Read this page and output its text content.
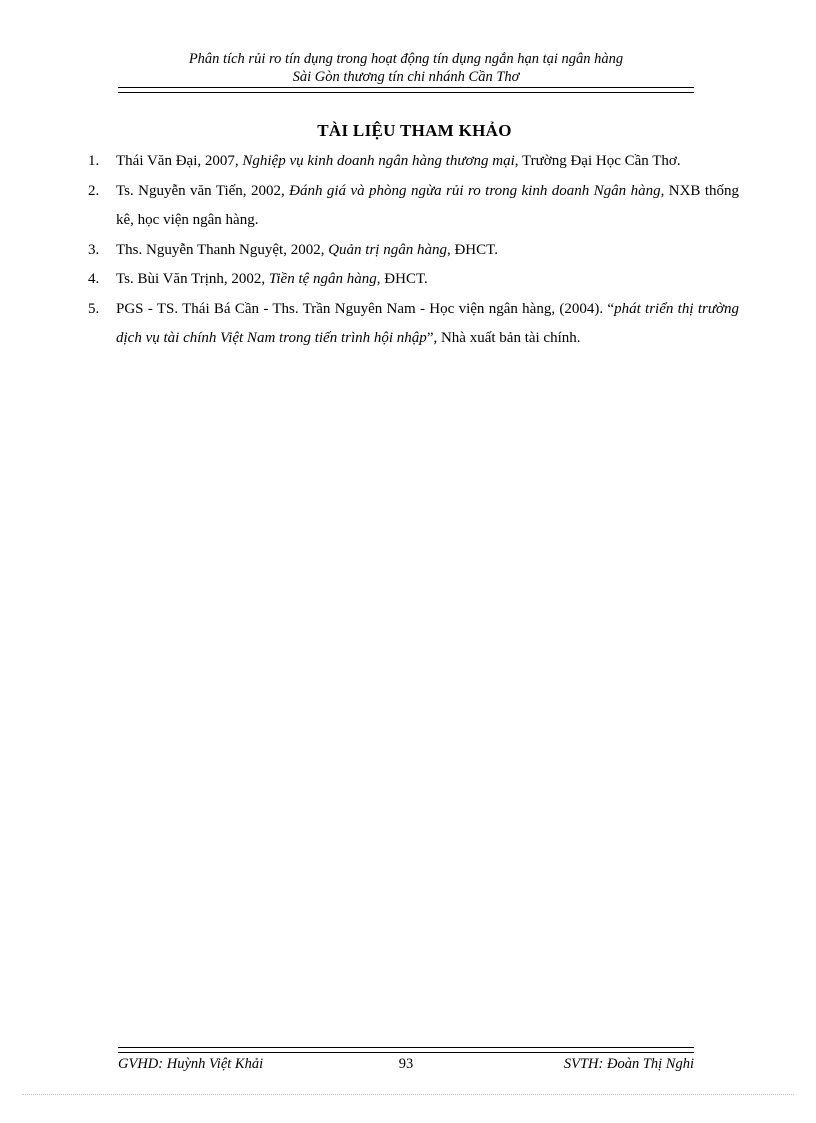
Phân tích rủi ro tín dụng trong hoạt động tín dụng ngắn hạn tại ngân hàng
Sài Gòn thương tín chi nhánh Cần Thơ
TÀI LIỆU THAM KHẢO
1.	Thái Văn Đại, 2007, Nghiệp vụ kinh doanh ngân hàng thương mại, Trường Đại Học Cần Thơ.
2.	Ts. Nguyễn văn Tiến, 2002, Đánh giá và phòng ngừa rủi ro trong kinh doanh Ngân hàng, NXB thống kê, học viện ngân hàng.
3.	Ths. Nguyễn Thanh Nguyệt, 2002, Quản trị ngân hàng, ĐHCT.
4.	Ts. Bùi Văn Trịnh, 2002, Tiền tệ ngân hàng, ĐHCT.
5.	PGS - TS. Thái Bá Cần - Ths. Trần Nguyên Nam - Học viện ngân hàng, (2004). “phát triển thị trường dịch vụ tài chính Việt Nam trong tiến trình hội nhập”, Nhà xuất bản tài chính.
GVHD: Huỳnh Việt Khải	93	SVTH: Đoàn Thị Nghi
